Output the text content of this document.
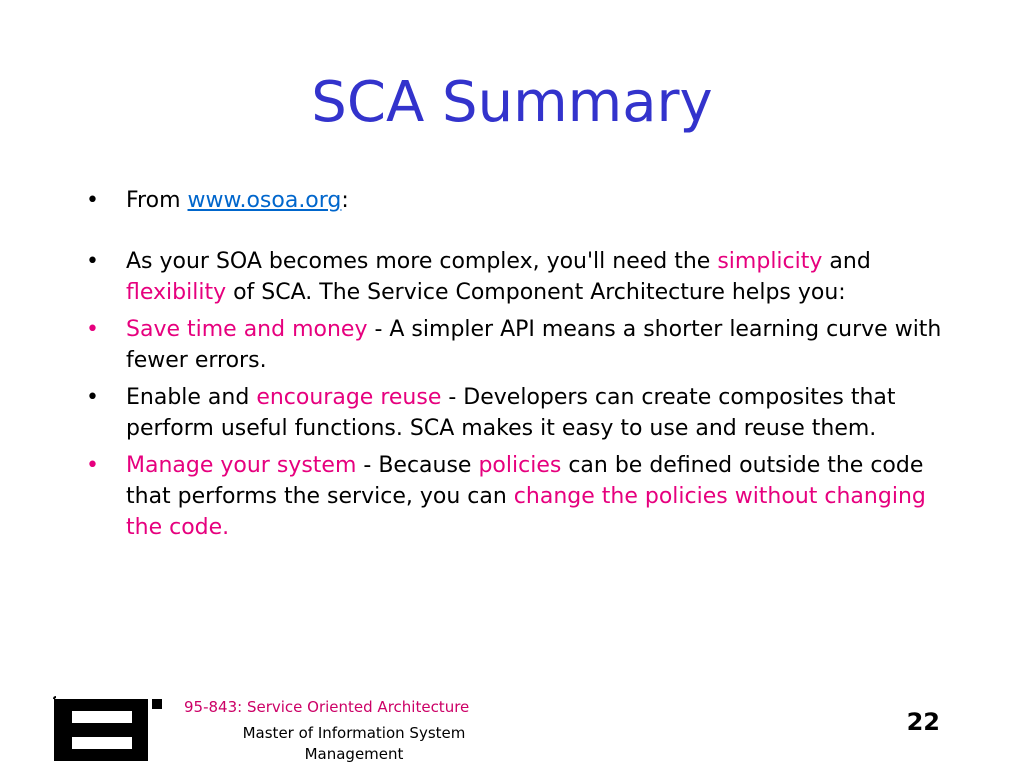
SCA Summary
•	From www.osoa.org:
•	As your SOA becomes more complex, you'll need the simplicity and flexibility of SCA. The Service Component Architecture helps you:
•	Save time and money - A simpler API means a shorter learning curve with fewer errors.
•	Enable and encourage reuse - Developers can create composites that perform useful functions. SCA makes it easy to use and reuse them.
•	Manage your system - Because policies can be defined outside the code that performs the service, you can change the policies without changing the code.
95-843: Service Oriented Architecture
Master of Information System
Management
22
